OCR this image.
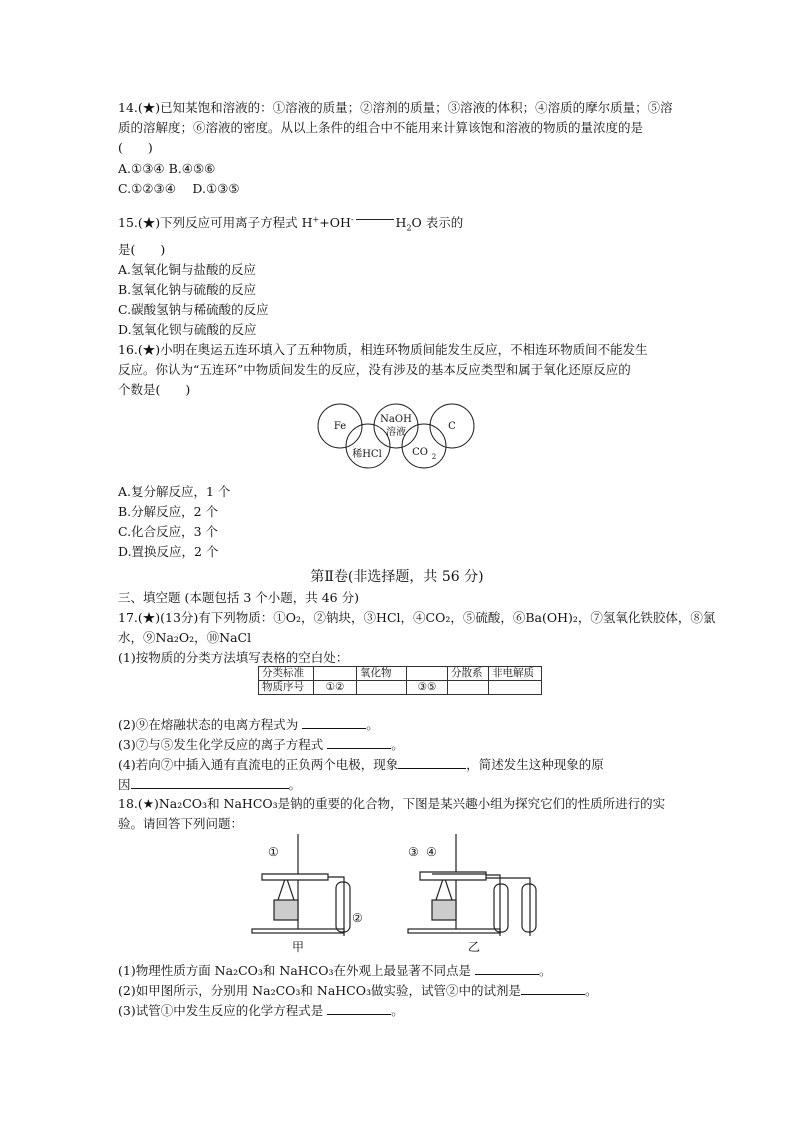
14.(★)已知某饱和溶液的：①溶液的质量；②溶剂的质量；③溶液的体积；④溶质的摩尔质量；⑤溶
质的溶解度；⑥溶液的密度。从以上条件的组合中不能用来计算该饱和溶液的物质的量浓度的是
(　　)
A.①③④ B.④⑤⑥
C.①②③④　 D.①③⑤
15.(★)下列反应可用离子方程式 H++OH-	$H_2O$ 表示的
是(　　)
A.氢氧化铜与盐酸的反应
B.氢氧化钠与硫酸的反应
C.碳酸氢钠与稀硫酸的反应
D.氢氧化钡与硫酸的反应
16.(★)小明在奥运五连环填入了五种物质，相连环物质间能发生反应，不相连环物质间不能发生
反应。你认为“五连环”中物质间发生的反应，没有涉及的基本反应类型和属于氧化还原反应的
个数是(　　)
Fe
NaOH
溶液
C
稀HCl	CO 2
A.复分解反应，1 个
B.分解反应，2 个
C.化合反应，3 个
D.置换反应，2 个
第Ⅱ卷(非选择题，共 56 分)
三、填空题 (本题包括 3 个小题，共 46 分)
17.(★)(13分)有下列物质：①O₂，②钠块，③HCl，④CO₂，⑤硫酸，⑥Ba(OH)₂，⑦氢氧化铁胶体，⑧氯
水，⑨Na₂O₂，⑩NaCl
(1)按物质的分类方法填写表格的空白处：
分类标准		氧化物		分散系	非电解质
物质序号	①②		③⑤		
(2)⑨在熔融状态的电离方程式为	。
(3)⑦与⑤发生化学反应的离子方程式	。
(4)若向⑦中插入通有直流电的正负两个电极，现象	，简述发生这种现象的原
因	。
18.(★)Na₂CO₃和 NaHCO₃是钠的重要的化合物，下图是某兴趣小组为探究它们的性质所进行的实
验。请回答下列问题：
①
②
③ ④
甲	乙
(1)物理性质方面 Na₂CO₃和 NaHCO₃在外观上最显著不同点是	。
(2)如甲图所示，分别用 Na₂CO₃和 NaHCO₃做实验，试管②中的试剂是	。
(3)试管①中发生反应的化学方程式是	。
